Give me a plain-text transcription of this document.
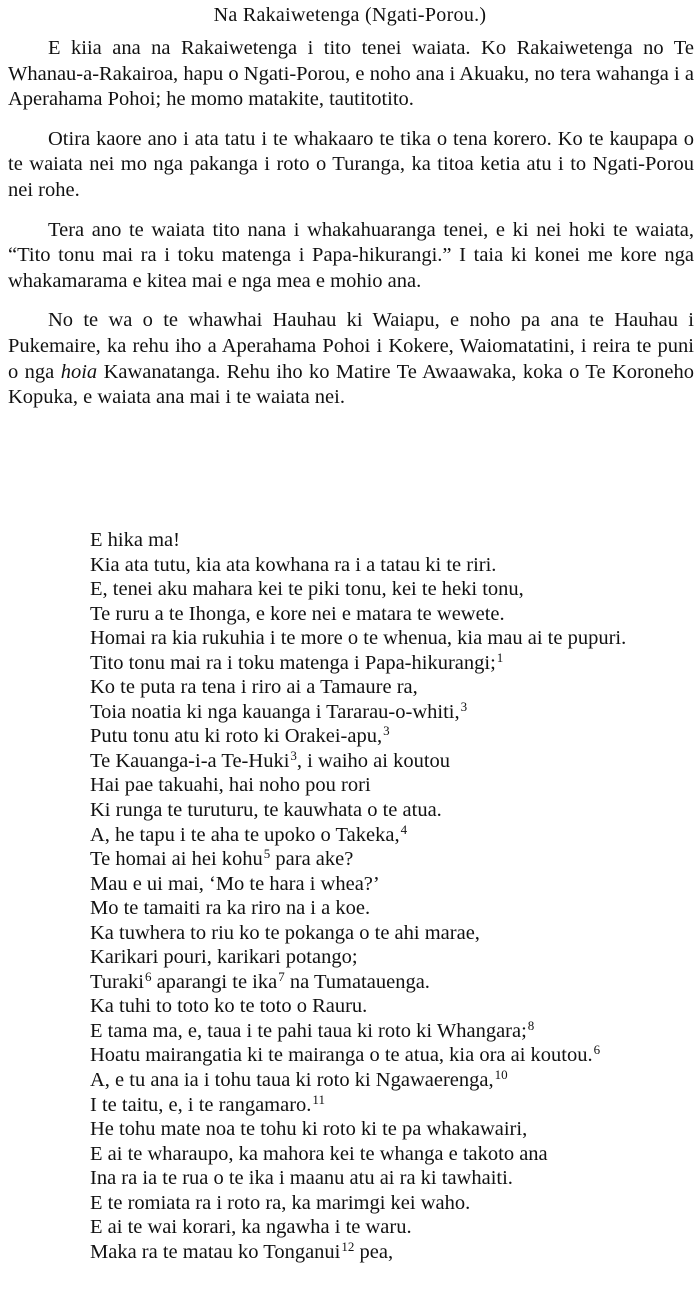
Na Rakaiwetenga (Ngati-Porou.)

E kiia ana na Rakaiwetenga i tito tenei waiata. Ko Rakaiwetenga no Te Whanau-a-Rakairoa, hapu o Ngati-Porou, e noho ana i Akuaku, no tera wahanga i a Aperahama Pohoi; he momo matakite, tautitotito.

Otira kaore ano i ata tatu i te whakaaro te tika o tena korero. Ko te kaupapa o te waiata nei mo nga pakanga i roto o Turanga, ka titoa ketia atu i to Ngati-Porou nei rohe.

Tera ano te waiata tito nana i whakahuaranga tenei, e ki nei hoki te waiata, “Tito tonu mai ra i toku matenga i Papa-hikurangi.” I taia ki konei me kore nga whakamarama e kitea mai e nga mea e mohio ana.

No te wa o te whawhai Hauhau ki Waiapu, e noho pa ana te Hauhau i Pukemaire, ka rehu iho a Aperahama Pohoi i Kokere, Waiomatatini, i reira te puni o nga hoia Kawanatanga. Rehu iho ko Matire Te Awaawaka, koka o Te Koroneho Kopuka, e waiata ana mai i te waiata nei.

E hika ma!
Kia ata tutu, kia ata kowhana ra i a tatau ki te riri.
E, tenei aku mahara kei te piki tonu, kei te heki tonu,
Te ruru a te Ihonga, e kore nei e matara te wewete.
Homai ra kia rukuhia i te more o te whenua, kia mau ai te pupuri.
Tito tonu mai ra i toku matenga i Papa-hikurangi;$^1$
Ko te puta ra tena i riro ai a Tamaure ra,
Toia noatia ki nga kauanga i Tararau-o-whiti,$^3$
Putu tonu atu ki roto ki Orakei-apu,$^3$
Te Kauanga-i-a Te-Huki$^3$, i waiho ai koutou
Hai pae takuahi, hai noho pou rori
Ki runga te turuturu, te kauwhata o te atua.
A, he tapu i te aha te upoko o Takeka,$^4$
Te homai ai hei kohu$^5$ para ake?
Mau e ui mai, ‘Mo te hara i whea?’
Mo te tamaiti ra ka riro na i a koe.
Ka tuwhera to riu ko te pokanga o te ahi marae,
Karikari pouri, karikari potango;
Turaki$^6$ aparangi te ika$^7$ na Tumatauenga.
Ka tuhi to toto ko te toto o Rauru.
E tama ma, e, taua i te pahi taua ki roto ki Whangara;$^8$
Hoatu mairangatia ki te mairanga o te atua, kia ora ai koutou.$^6$
A, e tu ana ia i tohu taua ki roto ki Ngawaerenga,$^{10}$
I te taitu, e, i te rangamaro.$^{11}$
He tohu mate noa te tohu ki roto ki te pa whakawairi,
E ai te wharaupo, ka mahora kei te whanga e takoto ana
Ina ra ia te rua o te ika i maanu atu ai ra ki tawhaiti.
E te romiata ra i roto ra, ka marimgi kei waho.
E ai te wai korari, ka ngawha i te waru.
Maka ra te matau ko Tonganui$^{12}$ pea,
